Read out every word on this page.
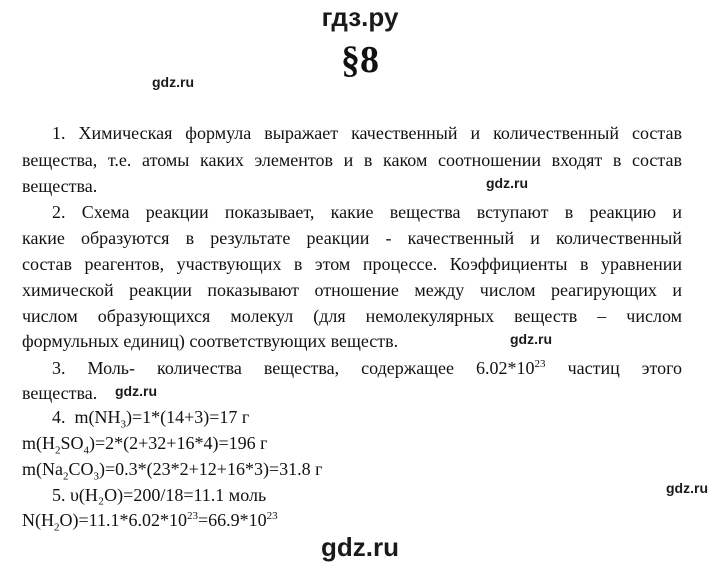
гдз.ру
§8
gdz.ru
gdz.ru
gdz.ru
gdz.ru
gdz.ru
1. Химическая формула выражает качественный и количественный состав
вещества, т.е. атомы каких элементов и в каком соотношении входят в состав
вещества.
2. Схема реакции показывает, какие вещества вступают в реакцию и
какие образуются в результате реакции - качественный и количественный
состав реагентов, участвующих в этом процессе. Коэффициенты в уравнении
химической реакции показывают отношение между числом реагирующих и
числом образующихся молекул (для немолекулярных веществ – числом
формульных единиц) соответствующих веществ.
3. Моль- количества вещества, содержащее $6.02*10^{23}$ частиц этого
вещества.
4. $m(NH_3)=1*(14+3)=17$ г
$m(H_2SO_4)=2*(2+32+16*4)=196$ г
$m(Na_2CO_3)=0.3*(23*2+12+16*3)=31.8$ г
5. υ(H₂O)=200/18=11.1 моль
$N(H_2O)=11.1*6.02*10^{23}=66.9*10^{23}$
gdz.ru
